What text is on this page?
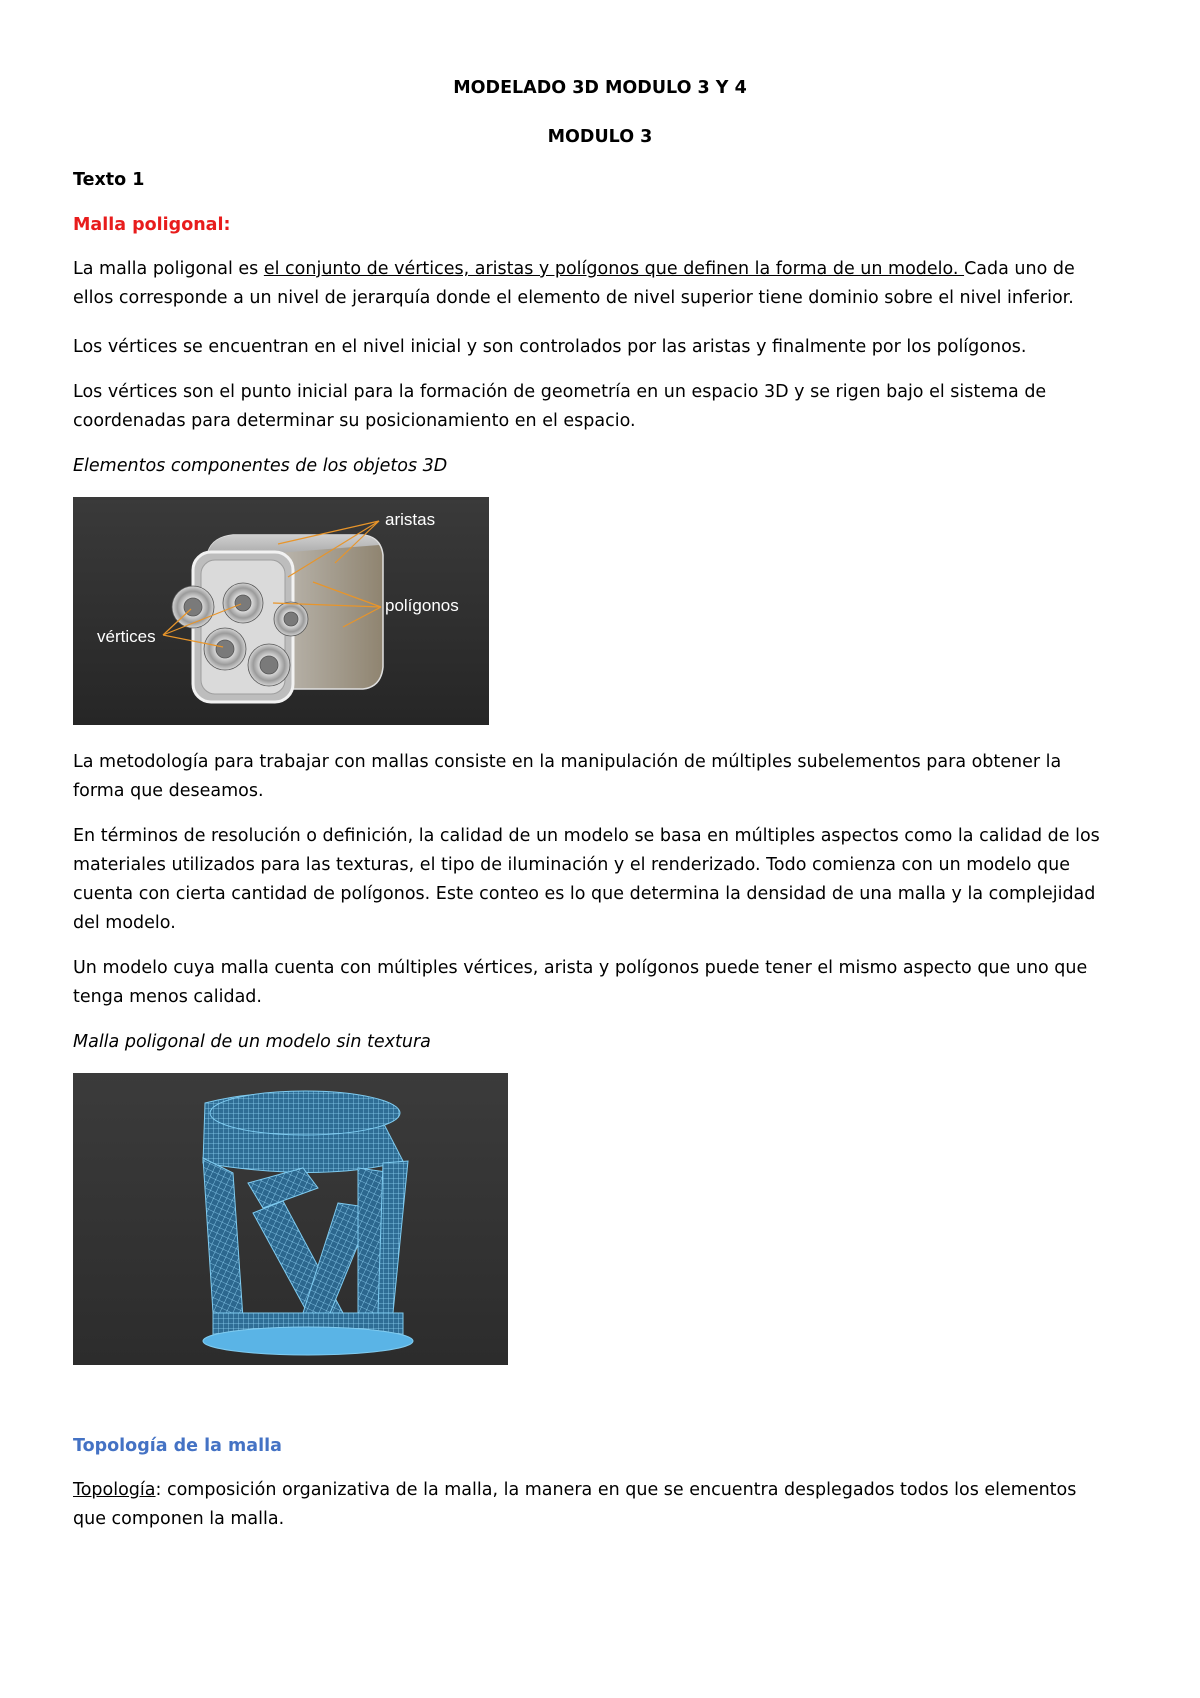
MODELADO 3D MODULO 3 Y 4
MODULO 3
Texto 1
Malla poligonal:
La malla poligonal es el conjunto de vértices, aristas y polígonos que definen la forma de un modelo. Cada uno de
ellos corresponde a un nivel de jerarquía donde el elemento de nivel superior tiene dominio sobre el nivel inferior.
Los vértices se encuentran en el nivel inicial y son controlados por las aristas y finalmente por los polígonos.
Los vértices son el punto inicial para la formación de geometría en un espacio 3D y se rigen bajo el sistema de
coordenadas para determinar su posicionamiento en el espacio.
Elementos componentes de los objetos 3D
aristas
polígonos
vértices
La metodología para trabajar con mallas consiste en la manipulación de múltiples subelementos para obtener la
forma que deseamos.
En términos de resolución o definición, la calidad de un modelo se basa en múltiples aspectos como la calidad de los
materiales utilizados para las texturas, el tipo de iluminación y el renderizado. Todo comienza con un modelo que
cuenta con cierta cantidad de polígonos. Este conteo es lo que determina la densidad de una malla y la complejidad
del modelo.
Un modelo cuya malla cuenta con múltiples vértices, arista y polígonos puede tener el mismo aspecto que uno que
tenga menos calidad.
Malla poligonal de un modelo sin textura
Topología de la malla
Topología: composición organizativa de la malla, la manera en que se encuentra desplegados todos los elementos
que componen la malla.
